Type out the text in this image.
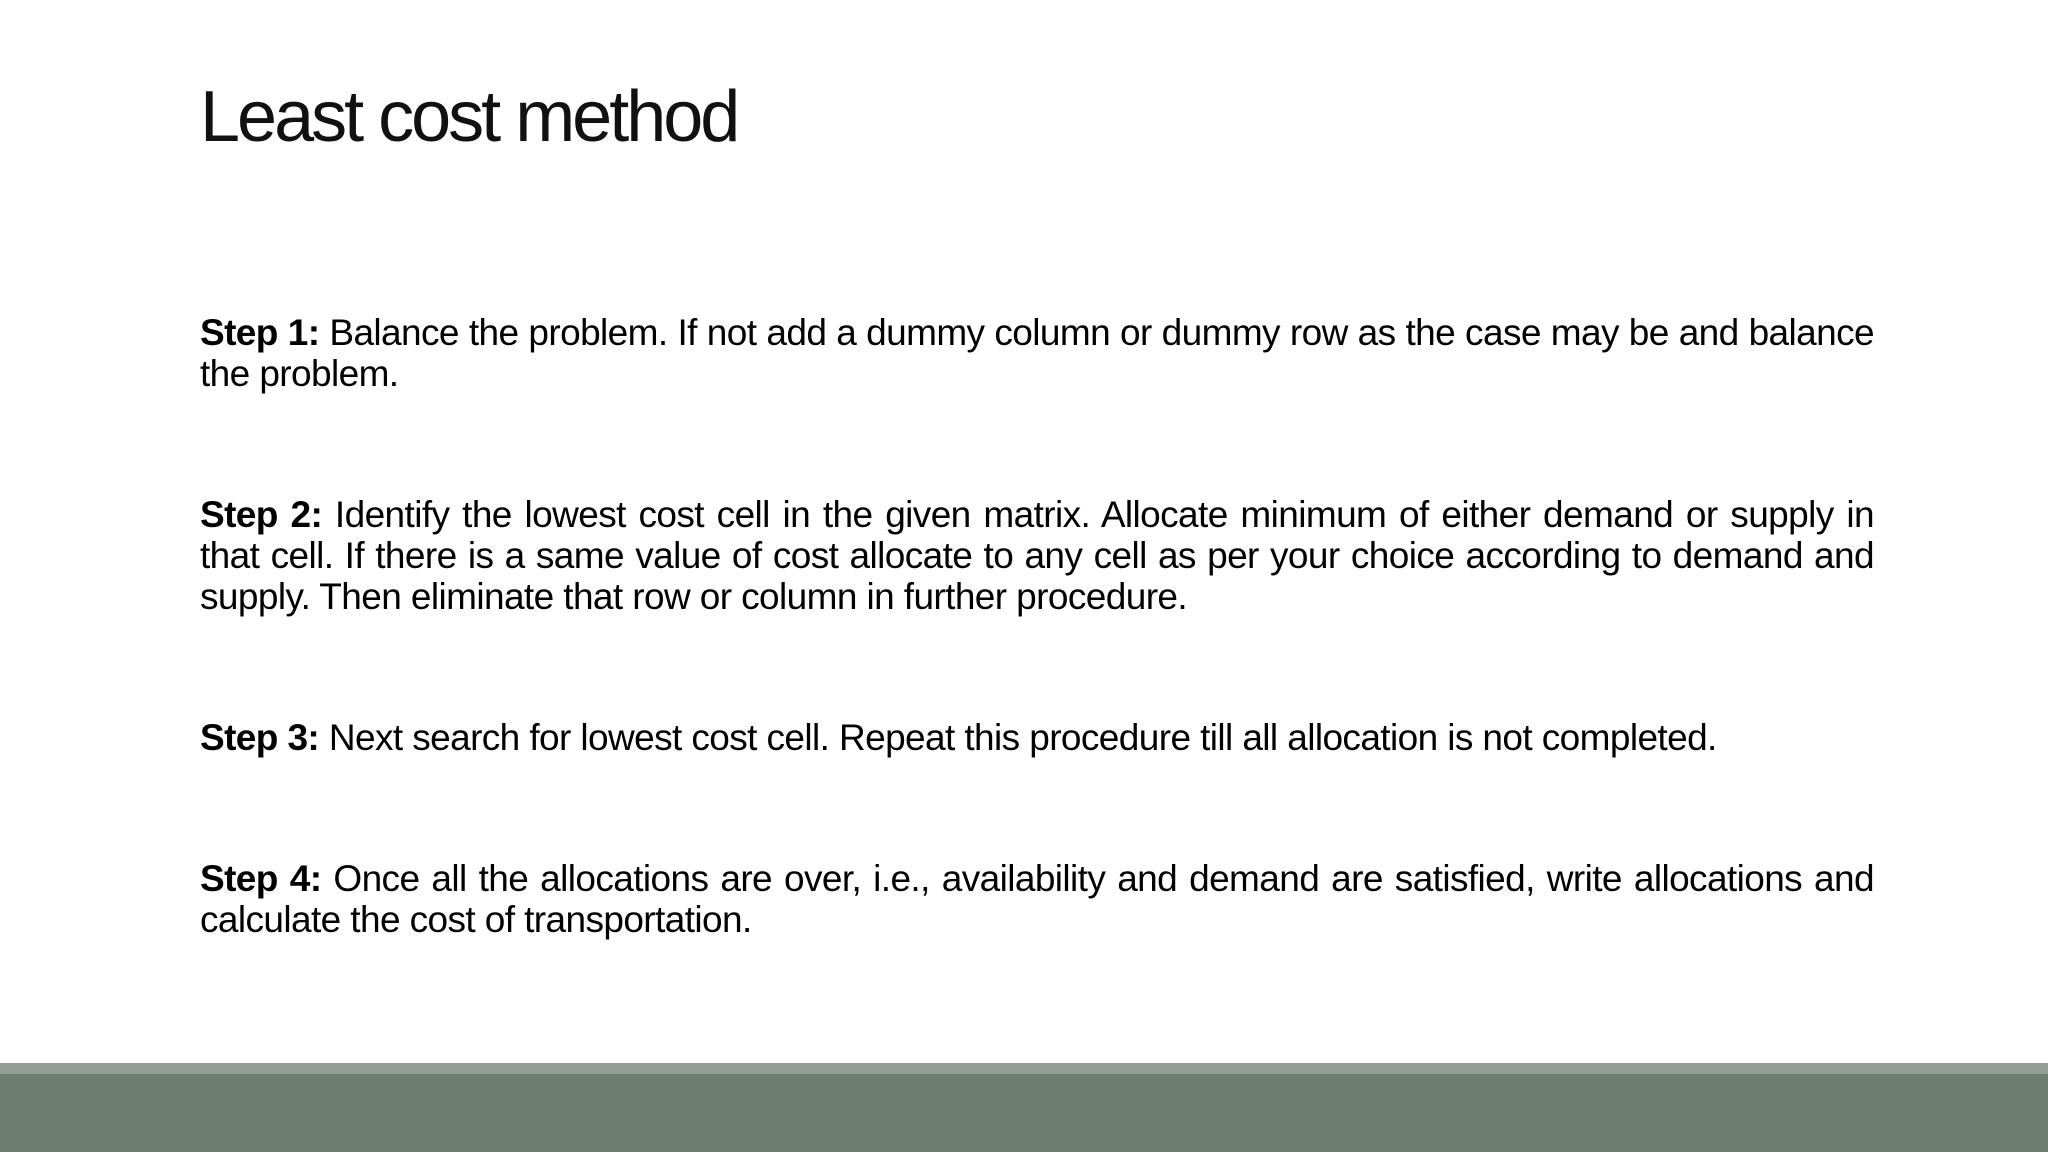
Least cost method

Step 1: Balance the problem. If not add a dummy column or dummy row as the case may be and balance the problem.

Step 2: Identify the lowest cost cell in the given matrix. Allocate minimum of either demand or supply in that cell. If there is a same value of cost allocate to any cell as per your choice according to demand and supply. Then eliminate that row or column in further procedure.

Step 3: Next search for lowest cost cell. Repeat this procedure till all allocation is not completed.

Step 4: Once all the allocations are over, i.e., availability and demand are satisfied, write allocations and calculate the cost of transportation.
